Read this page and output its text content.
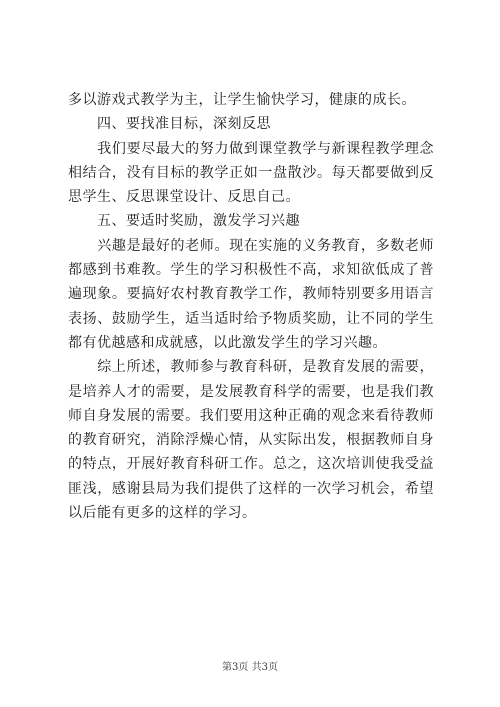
多以游戏式教学为主，让学生愉快学习，健康的成长。

　　四、要找准目标，深刻反思

　　我们要尽最大的努力做到课堂教学与新课程教学理念相结合，没有目标的教学正如一盘散沙。每天都要做到反思学生、反思课堂设计、反思自己。

　　五、要适时奖励，激发学习兴趣

　　兴趣是最好的老师。现在实施的义务教育，多数老师都感到书难教。学生的学习积极性不高，求知欲低成了普遍现象。要搞好农村教育教学工作，教师特别要多用语言表扬、鼓励学生，适当适时给予物质奖励，让不同的学生都有优越感和成就感，以此激发学生的学习兴趣。

　　综上所述，教师参与教育科研，是教育发展的需要，是培养人才的需要，是发展教育科学的需要，也是我们教师自身发展的需要。我们要用这种正确的观念来看待教师的教育研究，消除浮燥心情，从实际出发，根据教师自身的特点，开展好教育科研工作。总之，这次培训使我受益匪浅，感谢县局为我们提供了这样的一次学习机会，希望以后能有更多的这样的学习。

第3页 共3页
